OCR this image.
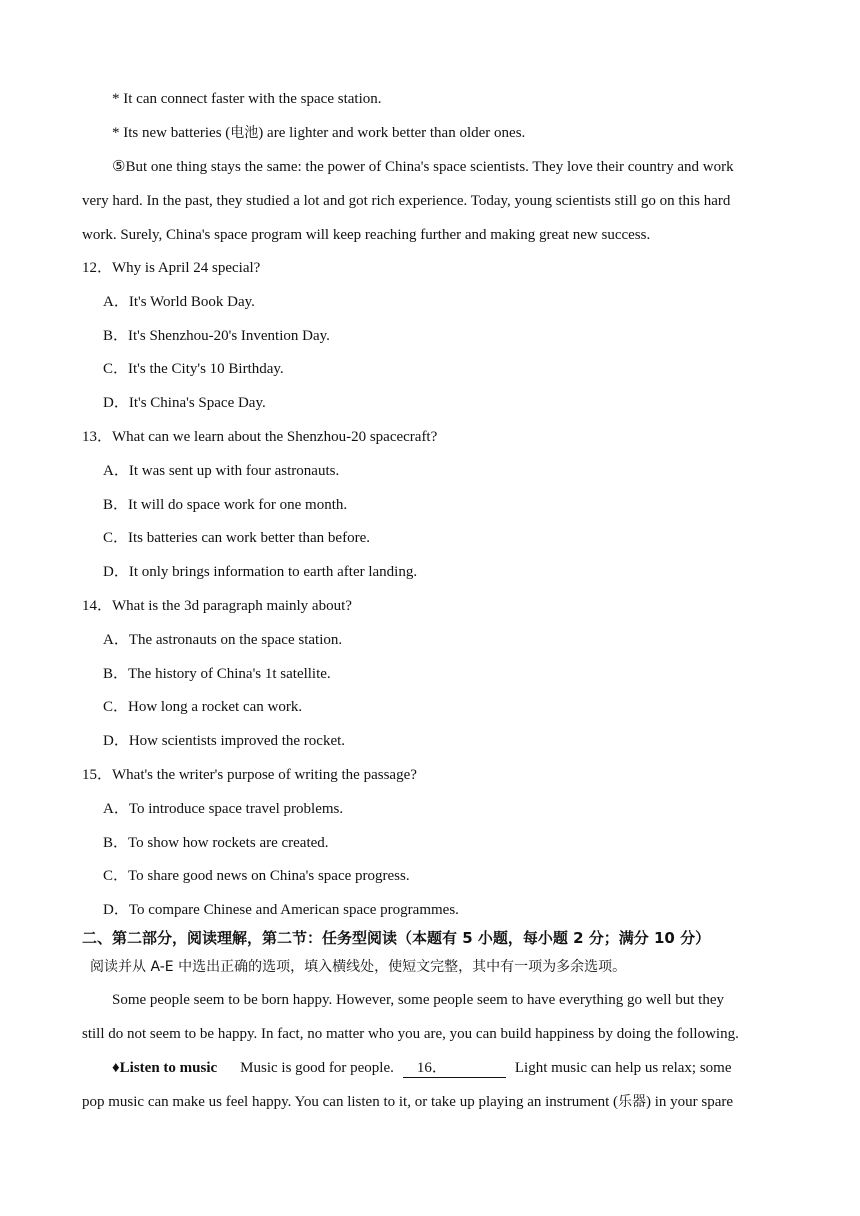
* It can connect faster with the space station.
* Its new batteries (电池) are lighter and work better than older ones.
⑤But one thing stays the same: the power of China's space scientists. They love their country and work
very hard. In the past, they studied a lot and got rich experience. Today, young scientists still go on this hard
work. Surely, China's space program will keep reaching further and making great new success.
12．Why is April 24 special?
A．It's World Book Day.
B．It's Shenzhou-20's Invention Day.
C．It's the City's 10 Birthday.
D．It's China's Space Day.
13．What can we learn about the Shenzhou-20 spacecraft?
A．It was sent up with four astronauts.
B．It will do space work for one month.
C．Its batteries can work better than before.
D．It only brings information to earth after landing.
14．What is the 3d paragraph mainly about?
A．The astronauts on the space station.
B．The history of China's 1t satellite.
C．How long a rocket can work.
D．How scientists improved the rocket.
15．What's the writer's purpose of writing the passage?
A．To introduce space travel problems.
B．To show how rockets are created.
C．To share good news on China's space progress.
D．To compare Chinese and American space programmes.
二、第二部分，阅读理解，第二节：任务型阅读（本题有 5 小题，每小题 2 分；满分 10 分）
阅读并从 A-E 中选出正确的选项，填入横线处，使短文完整，其中有一项为多余选项。
Some people seem to be born happy. However, some people seem to have everything go well but they
still do not seem to be happy. In fact, no matter who you are, you can build happiness by doing the following.
♦Listen to music Music is good for people. 16．	Light music can help us relax; some
pop music can make us feel happy. You can listen to it, or take up playing an instrument (乐器) in your spare
